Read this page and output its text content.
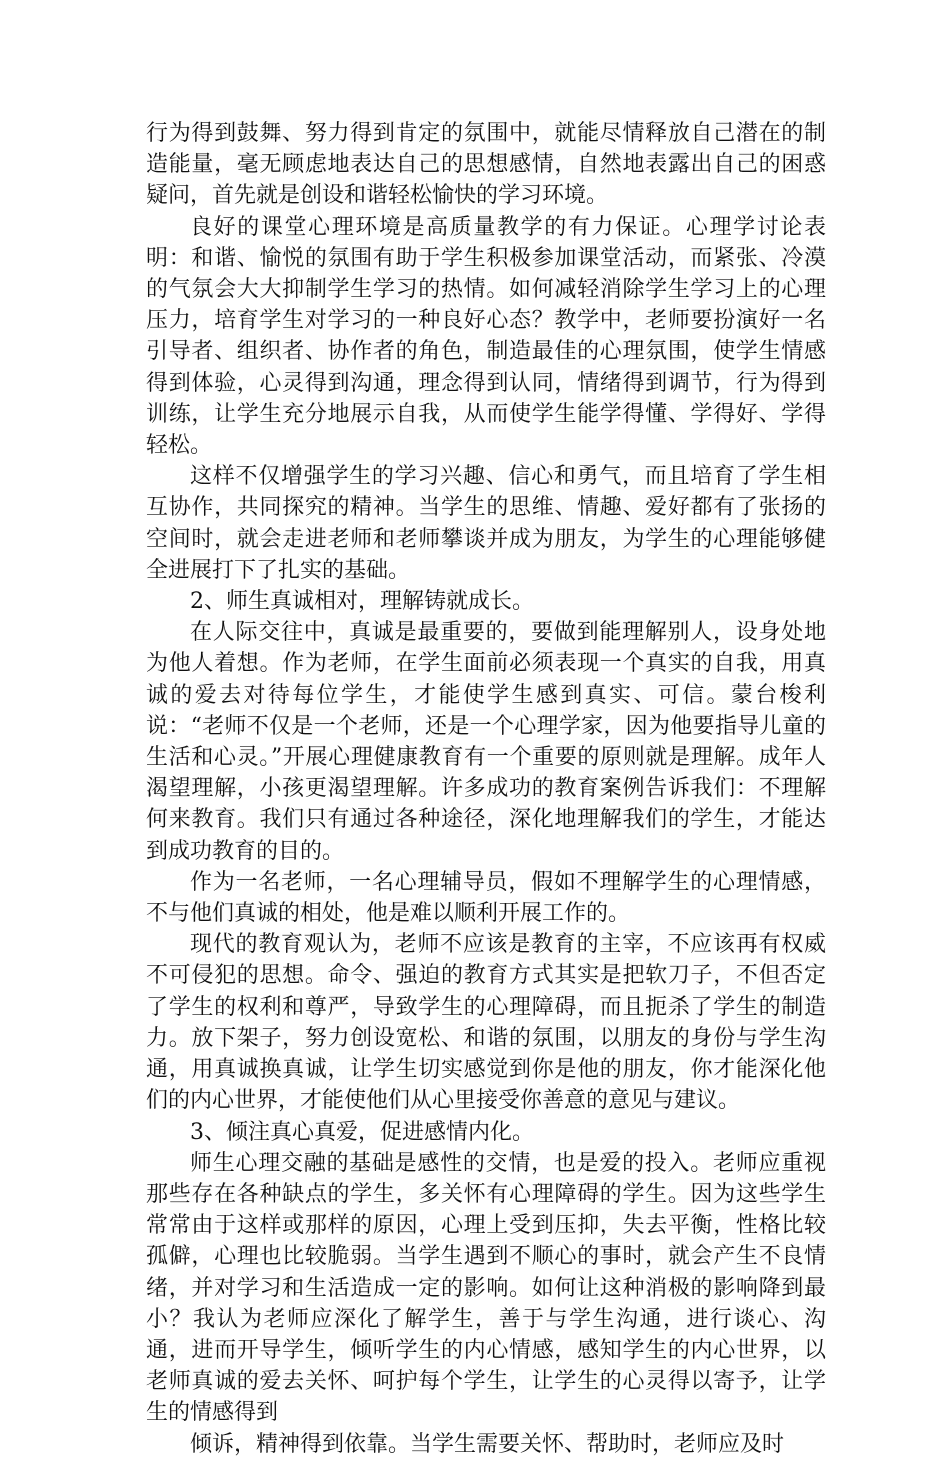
行为得到鼓舞、努力得到肯定的氛围中，就能尽情释放自己潜在的制造能量，毫无顾虑地表达自己的思想感情，自然地表露出自己的困惑疑问，首先就是创设和谐轻松愉快的学习环境。

良好的课堂心理环境是高质量教学的有力保证。心理学讨论表明：和谐、愉悦的氛围有助于学生积极参加课堂活动，而紧张、冷漠的气氛会大大抑制学生学习的热情。如何减轻消除学生学习上的心理压力，培育学生对学习的一种良好心态？教学中，老师要扮演好一名引导者、组织者、协作者的角色，制造最佳的心理氛围，使学生情感得到体验，心灵得到沟通，理念得到认同，情绪得到调节，行为得到训练，让学生充分地展示自我，从而使学生能学得懂、学得好、学得轻松。

这样不仅增强学生的学习兴趣、信心和勇气，而且培育了学生相互协作，共同探究的精神。当学生的思维、情趣、爱好都有了张扬的空间时，就会走进老师和老师攀谈并成为朋友，为学生的心理能够健全进展打下了扎实的基础。

2、师生真诚相对，理解铸就成长。

在人际交往中，真诚是最重要的，要做到能理解别人，设身处地为他人着想。作为老师，在学生面前必须表现一个真实的自我，用真诚的爱去对待每位学生，才能使学生感到真实、可信。蒙台梭利说：“老师不仅是一个老师，还是一个心理学家，因为他要指导儿童的生活和心灵。”开展心理健康教育有一个重要的原则就是理解。成年人渴望理解，小孩更渴望理解。许多成功的教育案例告诉我们：不理解何来教育。我们只有通过各种途径，深化地理解我们的学生，才能达到成功教育的目的。

作为一名老师，一名心理辅导员，假如不理解学生的心理情感，不与他们真诚的相处，他是难以顺利开展工作的。

现代的教育观认为，老师不应该是教育的主宰，不应该再有权威不可侵犯的思想。命令、强迫的教育方式其实是把软刀子，不但否定了学生的权利和尊严，导致学生的心理障碍，而且扼杀了学生的制造力。放下架子，努力创设宽松、和谐的氛围，以朋友的身份与学生沟通，用真诚换真诚，让学生切实感觉到你是他的朋友，你才能深化他们的内心世界，才能使他们从心里接受你善意的意见与建议。

3、倾注真心真爱，促进感情内化。

师生心理交融的基础是感性的交情，也是爱的投入。老师应重视那些存在各种缺点的学生，多关怀有心理障碍的学生。因为这些学生常常由于这样或那样的原因，心理上受到压抑，失去平衡，性格比较孤僻，心理也比较脆弱。当学生遇到不顺心的事时，就会产生不良情绪，并对学习和生活造成一定的影响。如何让这种消极的影响降到最小？我认为老师应深化了解学生，善于与学生沟通，进行谈心、沟通，进而开导学生，倾听学生的内心情感，感知学生的内心世界，以老师真诚的爱去关怀、呵护每个学生，让学生的心灵得以寄予，让学生的情感得到

倾诉，精神得到依靠。当学生需要关怀、帮助时，老师应及时
